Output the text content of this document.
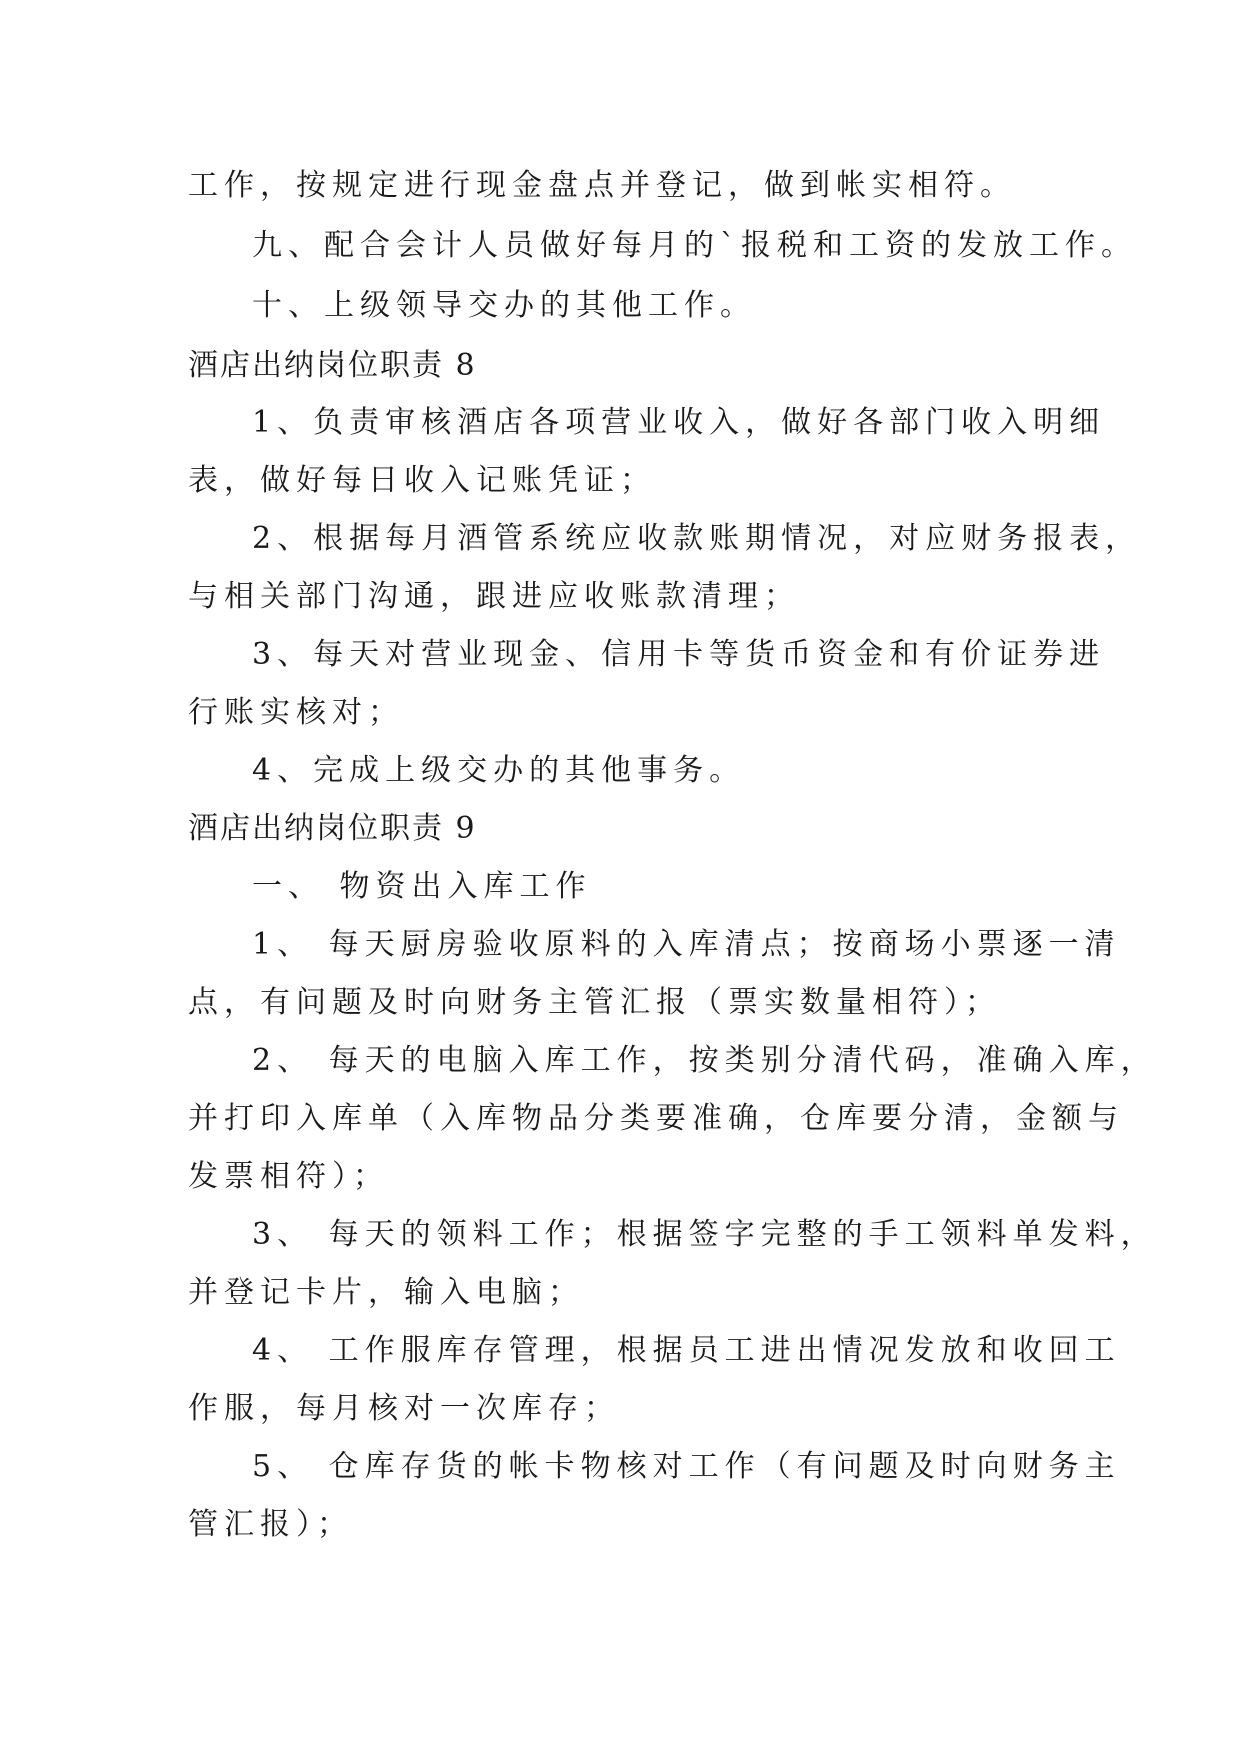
工作，按规定进行现金盘点并登记，做到帐实相符。
九、配合会计人员做好每月的`报税和工资的发放工作。
十、上级领导交办的其他工作。
酒店出纳岗位职责 8
1、负责审核酒店各项营业收入，做好各部门收入明细
表，做好每日收入记账凭证；
2、根据每月酒管系统应收款账期情况，对应财务报表，
与相关部门沟通，跟进应收账款清理；
3、每天对营业现金、信用卡等货币资金和有价证券进
行账实核对；
4、完成上级交办的其他事务。
酒店出纳岗位职责 9
一、 物资出入库工作
1、 每天厨房验收原料的入库清点；按商场小票逐一清
点，有问题及时向财务主管汇报（票实数量相符）；
2、 每天的电脑入库工作，按类别分清代码，准确入库，
并打印入库单（入库物品分类要准确，仓库要分清，金额与
发票相符）；
3、 每天的领料工作；根据签字完整的手工领料单发料，
并登记卡片，输入电脑；
4、 工作服库存管理，根据员工进出情况发放和收回工
作服，每月核对一次库存；
5、 仓库存货的帐卡物核对工作（有问题及时向财务主
管汇报）；
